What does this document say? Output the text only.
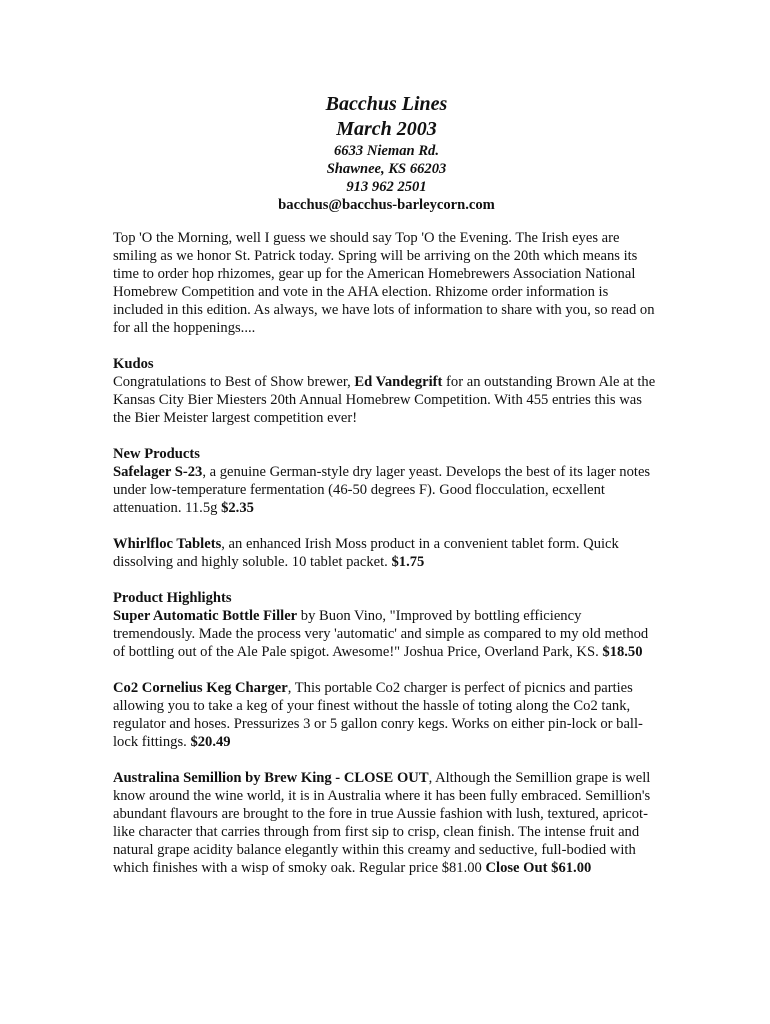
Bacchus Lines
March 2003
6633 Nieman Rd.
Shawnee, KS 66203
913 962 2501
bacchus@bacchus-barleycorn.com

Top 'O the Morning, well I guess we should say Top 'O the Evening. The Irish eyes are smiling as we honor St. Patrick today. Spring will be arriving on the 20th which means its time to order hop rhizomes, gear up for the American Homebrewers Association National Homebrew Competition and vote in the AHA election. Rhizome order information is included in this edition. As always, we have lots of information to share with you, so read on for all the hoppenings....

Kudos
Congratulations to Best of Show brewer, Ed Vandegrift for an outstanding Brown Ale at the Kansas City Bier Miesters 20th Annual Homebrew Competition. With 455 entries this was the Bier Meister largest competition ever!

New Products
Safelager S-23, a genuine German-style dry lager yeast. Develops the best of its lager notes under low-temperature fermentation (46-50 degrees F). Good flocculation, ecxellent attenuation. 11.5g $2.35

Whirlfloc Tablets, an enhanced Irish Moss product in a convenient tablet form. Quick dissolving and highly soluble. 10 tablet packet. $1.75

Product Highlights
Super Automatic Bottle Filler by Buon Vino, "Improved by bottling efficiency tremendously. Made the process very 'automatic' and simple as compared to my old method of bottling out of the Ale Pale spigot. Awesome!" Joshua Price, Overland Park, KS. $18.50

Co2 Cornelius Keg Charger, This portable Co2 charger is perfect of picnics and parties allowing you to take a keg of your finest without the hassle of toting along the Co2 tank, regulator and hoses. Pressurizes 3 or 5 gallon conry kegs. Works on either pin-lock or ball-lock fittings. $20.49

Australina Semillion by Brew King - CLOSE OUT, Although the Semillion grape is well know around the wine world, it is in Australia where it has been fully embraced. Semillion's abundant flavours are brought to the fore in true Aussie fashion with lush, textured, apricot-like character that carries through from first sip to crisp, clean finish. The intense fruit and natural grape acidity balance elegantly within this creamy and seductive, full-bodied with which finishes with a wisp of smoky oak. Regular price $81.00 Close Out $61.00
